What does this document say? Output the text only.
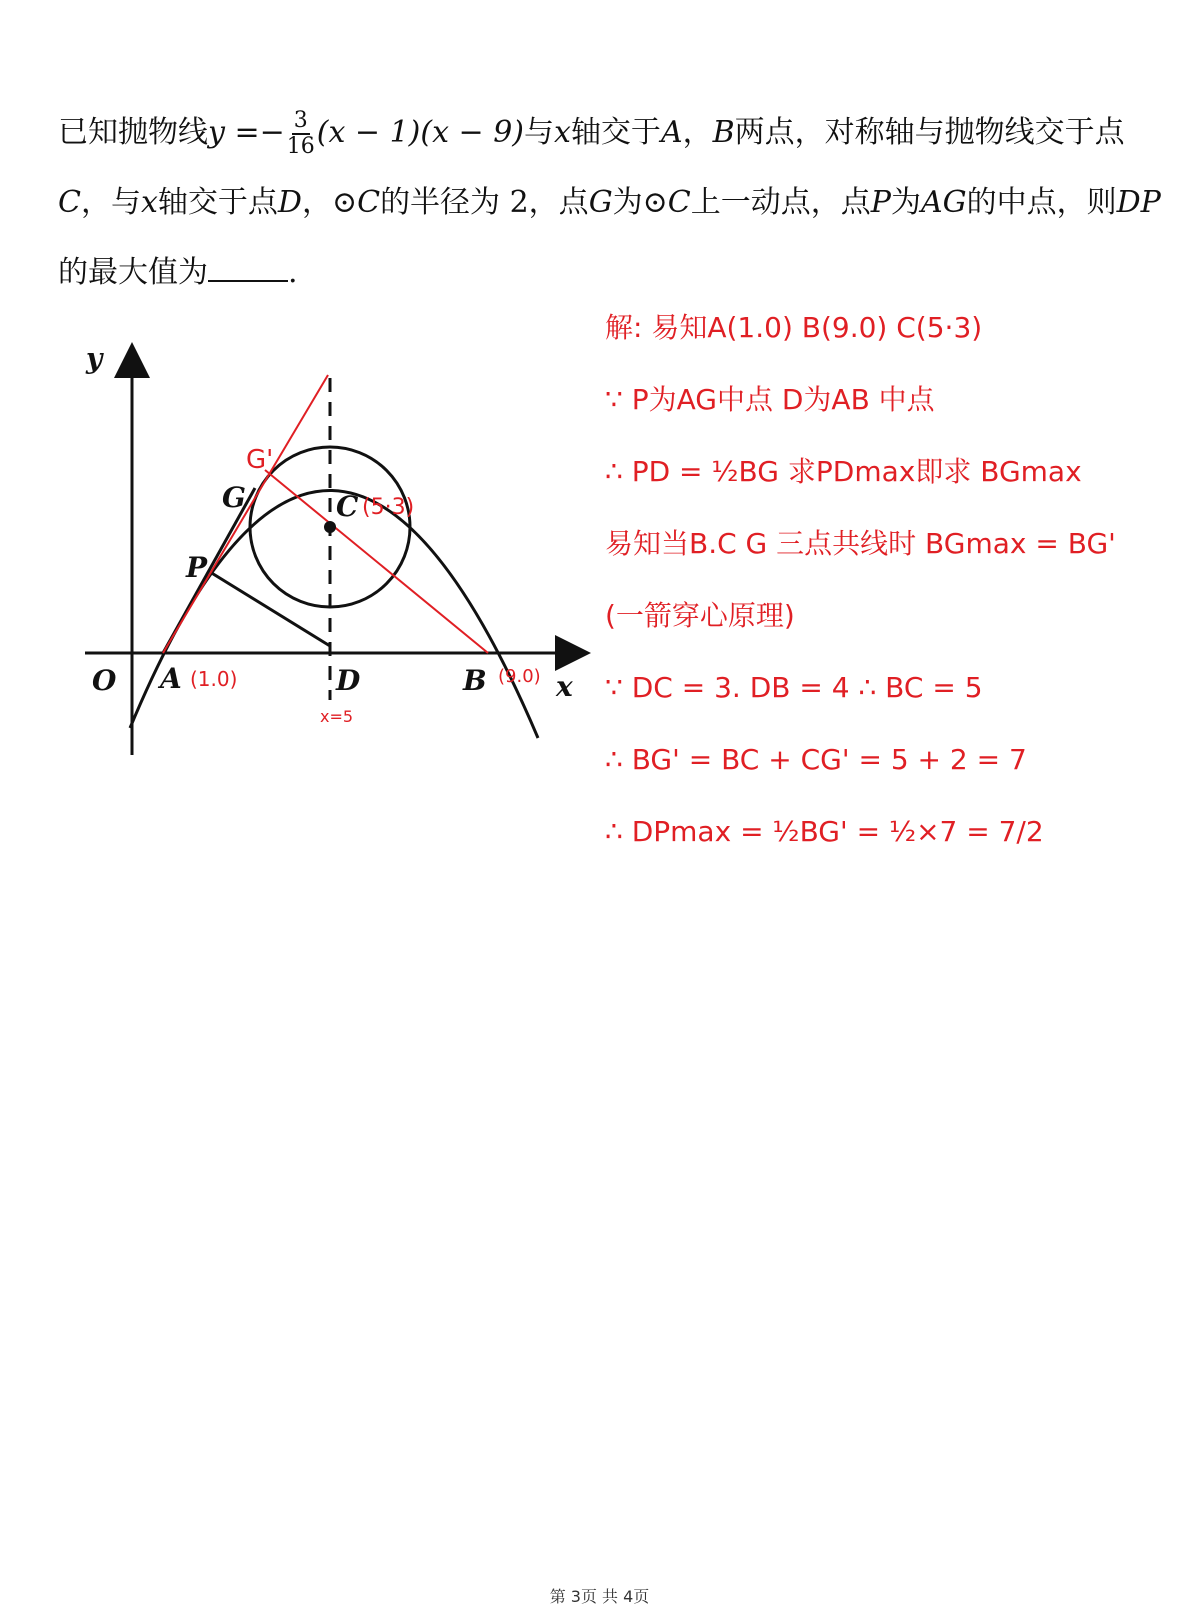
已知抛物线$y =- \frac{3}{16} (x - 1)(x - 9)$与x轴交于A，B两点，对称轴与抛物线交于点
C，与x轴交于点D，⊙C的半径为 2，点G为⊙C上一动点，点P为AG的中点，则DP
的最大值为	.
y
x
O A	B
C
D
G
P
G'
(5·3)
(1.0)	(9.0)
x=5
解: 易知A(1.0) B(9.0) C(5·3)
∵ P为AG中点 D为AB 中点
∴ PD = ½BG 求PDmax即求 BGmax
易知当B.C G 三点共线时 BGmax = BG'
(一箭穿心原理)
∵ DC = 3. DB = 4 ∴ BC = 5
∴ BG' = BC + CG' = 5 + 2 = 7
∴ DPmax = ½BG' = ½×7 = 7/2
第 3页 共 4页
